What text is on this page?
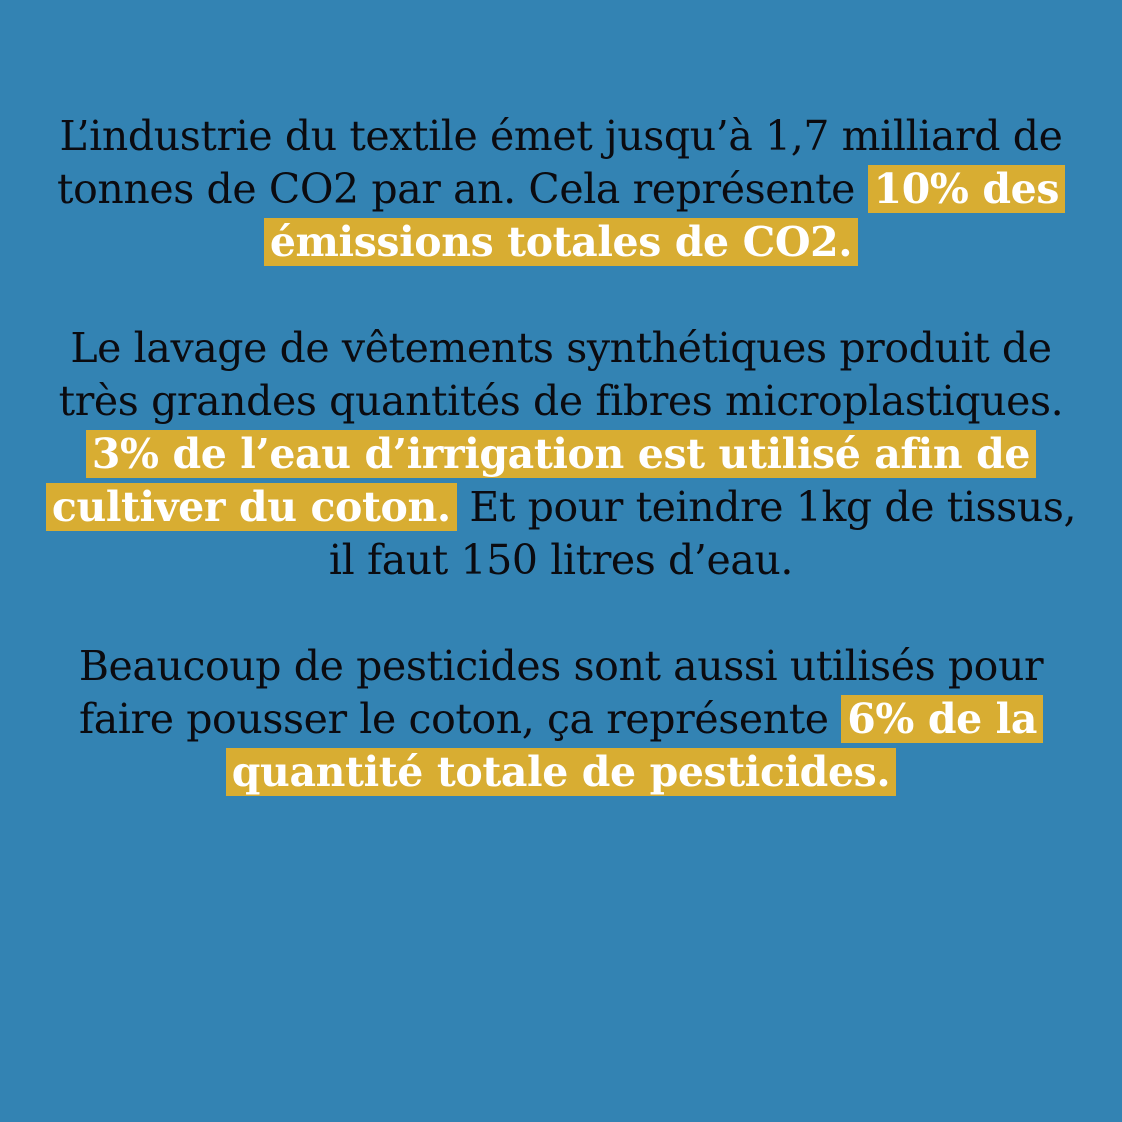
L’industrie du textile émet jusqu’à 1,7 milliard de tonnes de CO2 par an. Cela représente 10% des émissions totales de CO2.

Le lavage de vêtements synthétiques produit de très grandes quantités de fibres microplastiques.
3% de l’eau d’irrigation est utilisé afin de cultiver du coton. Et pour teindre 1kg de tissus, il faut 150 litres d’eau.

Beaucoup de pesticides sont aussi utilisés pour faire pousser le coton, ça représente 6% de la quantité totale de pesticides.
